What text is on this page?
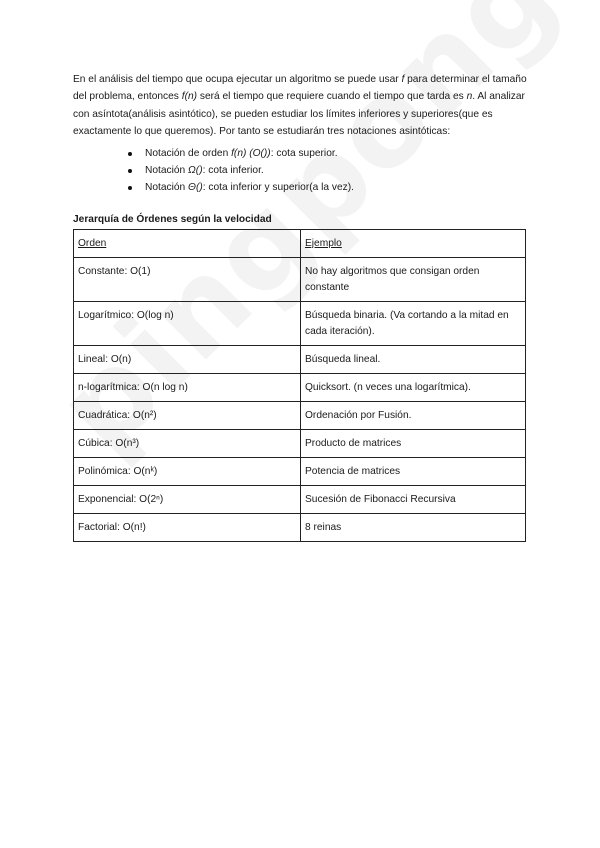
En el análisis del tiempo que ocupa ejecutar un algoritmo se puede usar f para determinar el tamaño del problema, entonces f(n) será el tiempo que requiere cuando el tiempo que tarda es n. Al analizar con asíntota(análisis asintótico), se pueden estudiar los límites inferiores y superiores(que es exactamente lo que queremos). Por tanto se estudiarán tres notaciones asintóticas:

Notación de orden f(n) (O()): cota superior.
Notación Ω(): cota inferior.
Notación Θ(): cota inferior y superior(a la vez).
Jerarquía de Órdenes según la velocidad
Orden	Ejemplo
Constante: O(1)	No hay algoritmos que consigan orden constante
Logarítmico: O(log n)	Búsqueda binaria. (Va cortando a la mitad en cada iteración).
Lineal: O(n)	Búsqueda lineal.
n-logarítmica: O(n log n)	Quicksort. (n veces una logarítmica).
Cuadrática: O(n²)	Ordenación por Fusión.
Cúbica: O(n³)	Producto de matrices
Polinómica: O(nᵏ)	Potencia de matrices
Exponencial: O(2ⁿ)	Sucesión de Fibonacci Recursiva
Factorial: O(n!)	8 reinas
